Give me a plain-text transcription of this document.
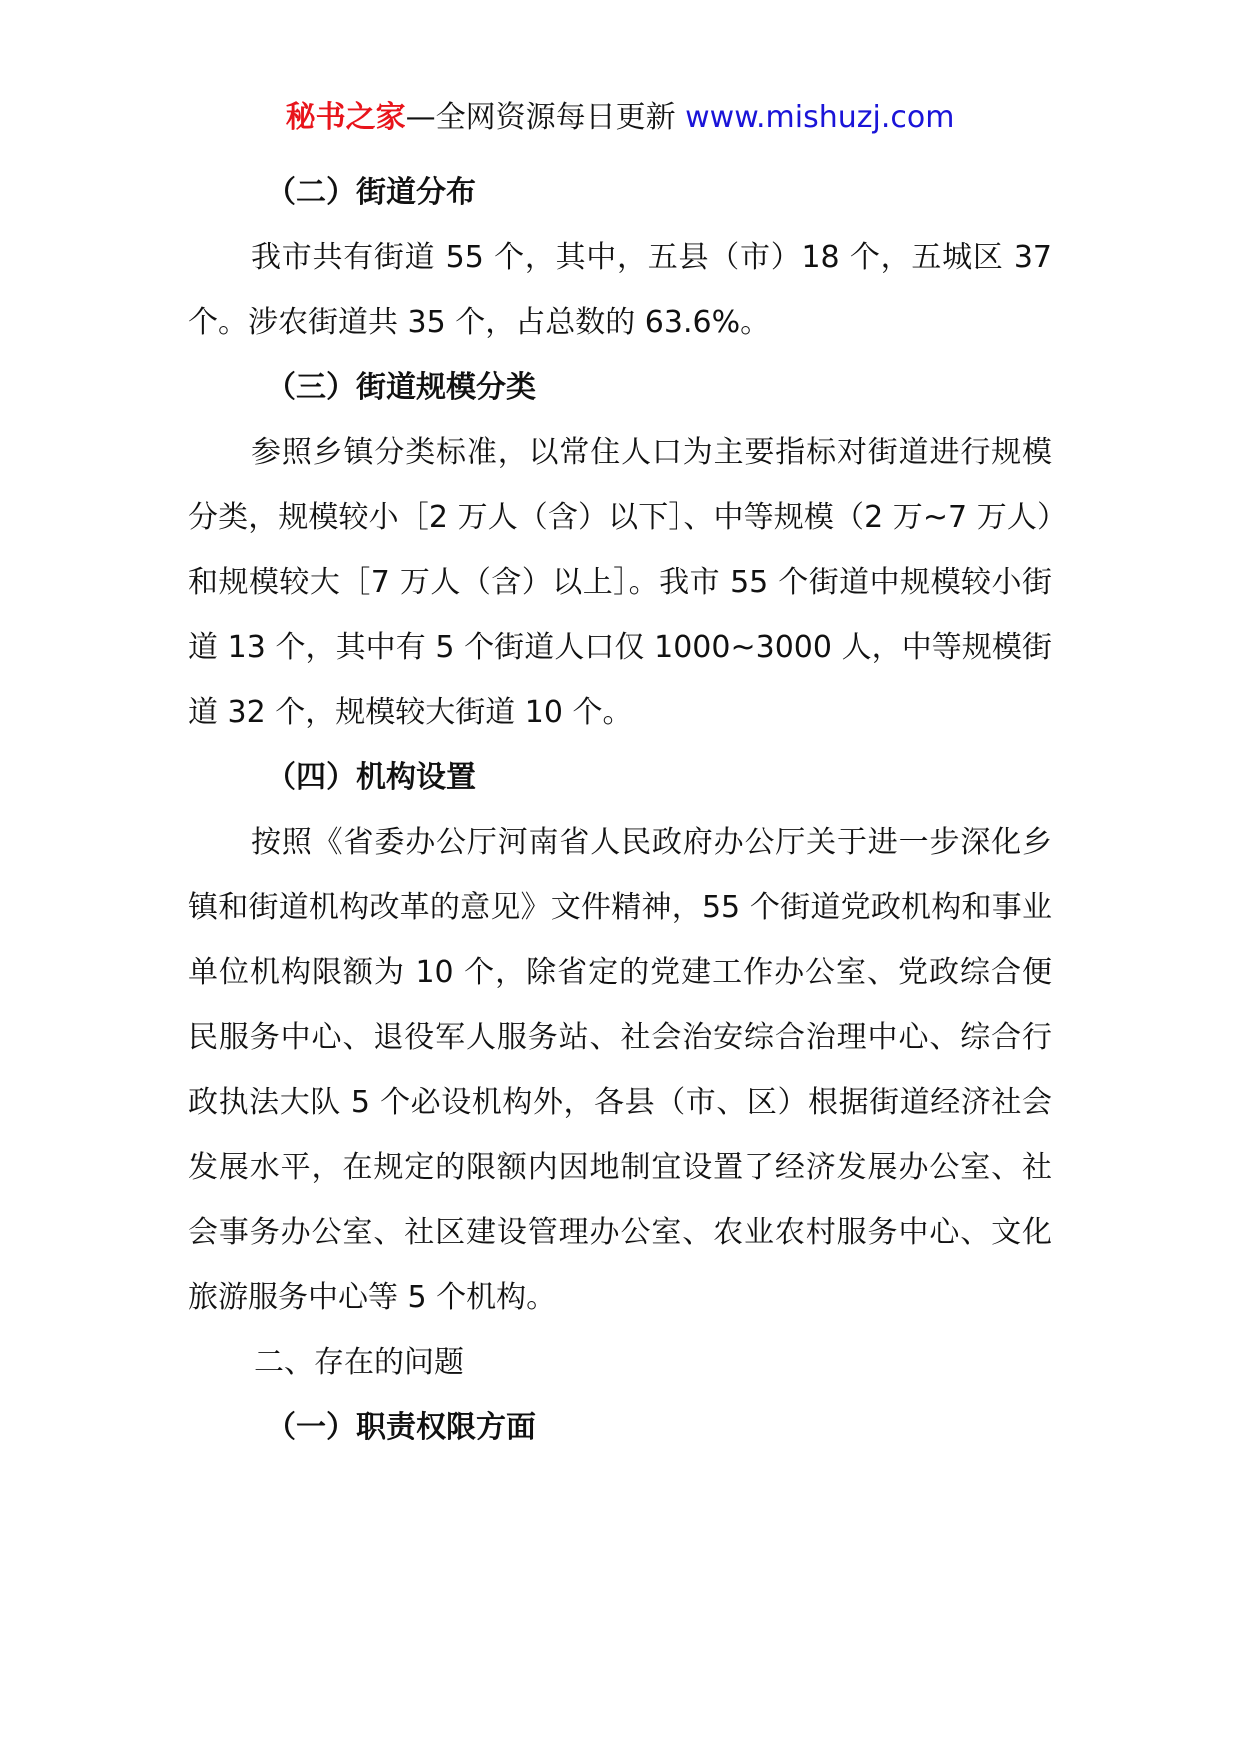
秘书之家—全网资源每日更新 www.mishuzj.com

（二）街道分布

我市共有街道 55 个，其中，五县（市）18 个，五城区 37 个。涉农街道共 35 个，占总数的 63.6%。

（三）街道规模分类

参照乡镇分类标准，以常住人口为主要指标对街道进行规模分类，规模较小［2 万人（含）以下］、中等规模（2 万~7 万人）和规模较大［7 万人（含）以上］。我市 55 个街道中规模较小街道 13 个，其中有 5 个街道人口仅 1000~3000 人，中等规模街道 32 个，规模较大街道 10 个。

（四）机构设置

按照《省委办公厅河南省人民政府办公厅关于进一步深化乡镇和街道机构改革的意见》文件精神，55 个街道党政机构和事业单位机构限额为 10 个，除省定的党建工作办公室、党政综合便民服务中心、退役军人服务站、社会治安综合治理中心、综合行政执法大队 5 个必设机构外，各县（市、区）根据街道经济社会发展水平，在规定的限额内因地制宜设置了经济发展办公室、社会事务办公室、社区建设管理办公室、农业农村服务中心、文化旅游服务中心等 5 个机构。

二、存在的问题

（一）职责权限方面
